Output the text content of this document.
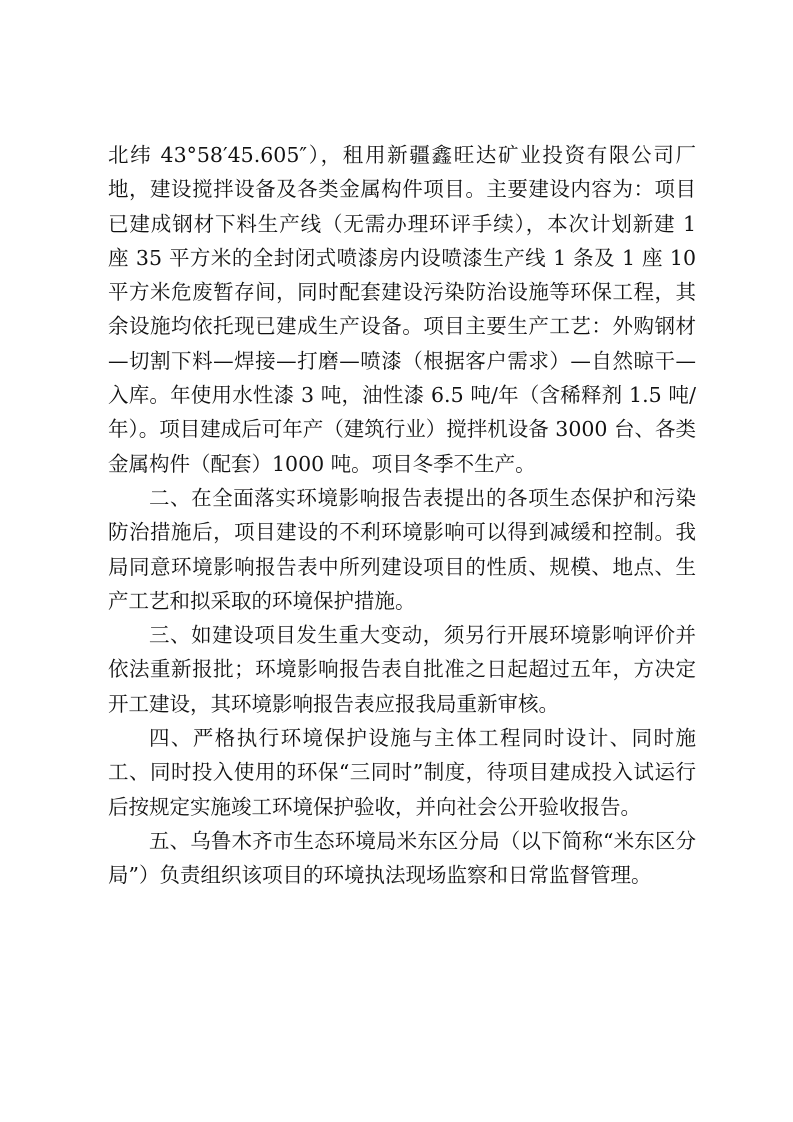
北纬 43°58′45.605″），租用新疆鑫旺达矿业投资有限公司厂地，建设搅拌设备及各类金属构件项目。主要建设内容为：项目已建成钢材下料生产线（无需办理环评手续），本次计划新建 1 座 35 平方米的全封闭式喷漆房内设喷漆生产线 1 条及 1 座 10 平方米危废暂存间，同时配套建设污染防治设施等环保工程，其余设施均依托现已建成生产设备。项目主要生产工艺：外购钢材—切割下料—焊接—打磨—喷漆（根据客户需求）—自然晾干—入库。年使用水性漆 3 吨，油性漆 6.5 吨/年（含稀释剂 1.5 吨/年）。项目建成后可年产（建筑行业）搅拌机设备 3000 台、各类金属构件（配套）1000 吨。项目冬季不生产。

二、在全面落实环境影响报告表提出的各项生态保护和污染防治措施后，项目建设的不利环境影响可以得到减缓和控制。我局同意环境影响报告表中所列建设项目的性质、规模、地点、生产工艺和拟采取的环境保护措施。

三、如建设项目发生重大变动，须另行开展环境影响评价并依法重新报批；环境影响报告表自批准之日起超过五年，方决定开工建设，其环境影响报告表应报我局重新审核。

四、严格执行环境保护设施与主体工程同时设计、同时施工、同时投入使用的环保“三同时”制度，待项目建成投入试运行后按规定实施竣工环境保护验收，并向社会公开验收报告。

五、乌鲁木齐市生态环境局米东区分局（以下简称“米东区分局”）负责组织该项目的环境执法现场监察和日常监督管理。
